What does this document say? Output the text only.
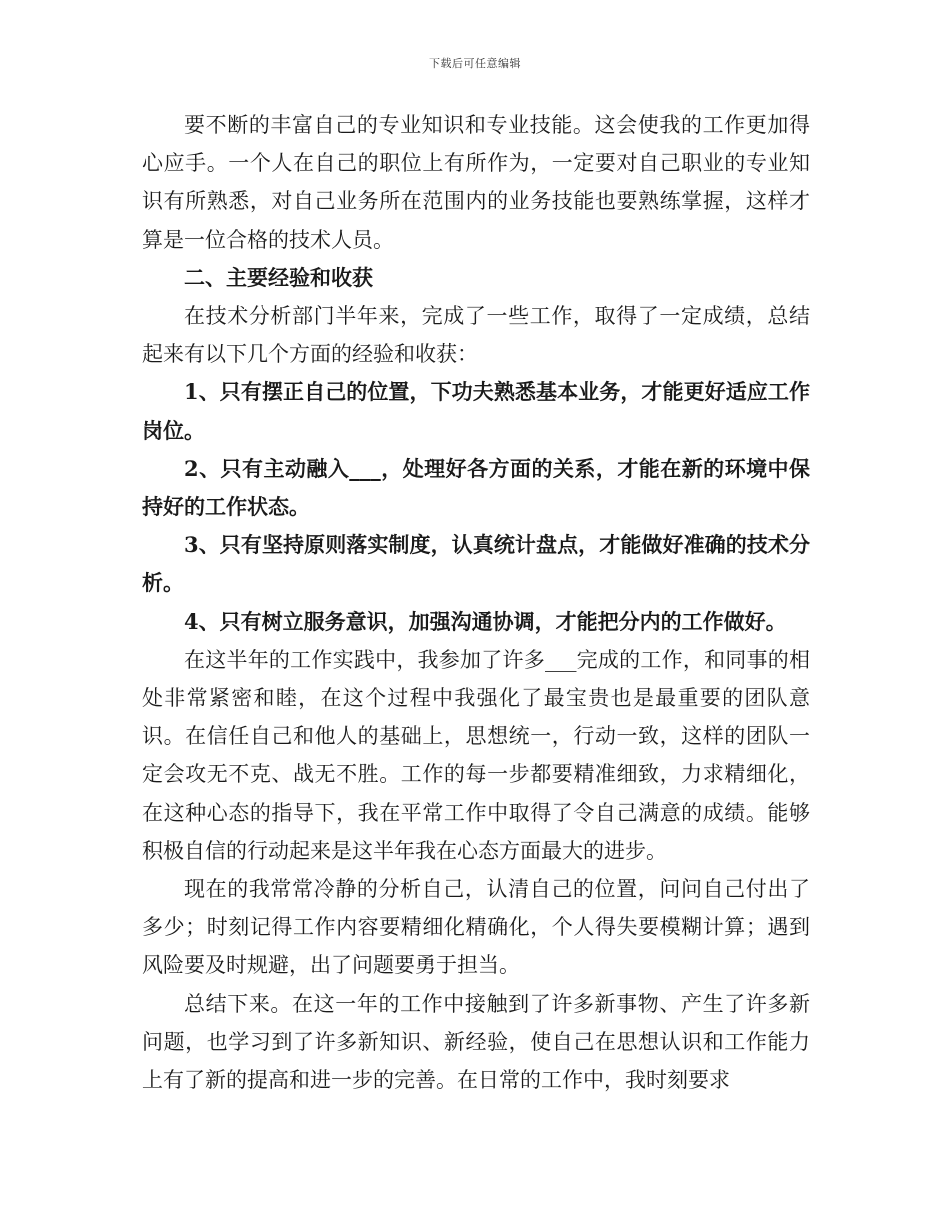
下载后可任意编辑

要不断的丰富自己的专业知识和专业技能。这会使我的工作更加得心应手。一个人在自己的职位上有所作为，一定要对自己职业的专业知识有所熟悉，对自己业务所在范围内的业务技能也要熟练掌握，这样才算是一位合格的技术人员。

二、主要经验和收获

在技术分析部门半年来，完成了一些工作，取得了一定成绩，总结起来有以下几个方面的经验和收获：

1、只有摆正自己的位置，下功夫熟悉基本业务，才能更好适应工作岗位。

2、只有主动融入___，处理好各方面的关系，才能在新的环境中保持好的工作状态。

3、只有坚持原则落实制度，认真统计盘点，才能做好准确的技术分析。

4、只有树立服务意识，加强沟通协调，才能把分内的工作做好。

在这半年的工作实践中，我参加了许多___完成的工作，和同事的相处非常紧密和睦，在这个过程中我强化了最宝贵也是最重要的团队意识。在信任自己和他人的基础上，思想统一，行动一致，这样的团队一定会攻无不克、战无不胜。工作的每一步都要精准细致，力求精细化，在这种心态的指导下，我在平常工作中取得了令自己满意的成绩。能够积极自信的行动起来是这半年我在心态方面最大的进步。

现在的我常常冷静的分析自己，认清自己的位置，问问自己付出了多少；时刻记得工作内容要精细化精确化，个人得失要模糊计算；遇到风险要及时规避，出了问题要勇于担当。

总结下来。在这一年的工作中接触到了许多新事物、产生了许多新问题，也学习到了许多新知识、新经验，使自己在思想认识和工作能力上有了新的提高和进一步的完善。在日常的工作中，我时刻要求
